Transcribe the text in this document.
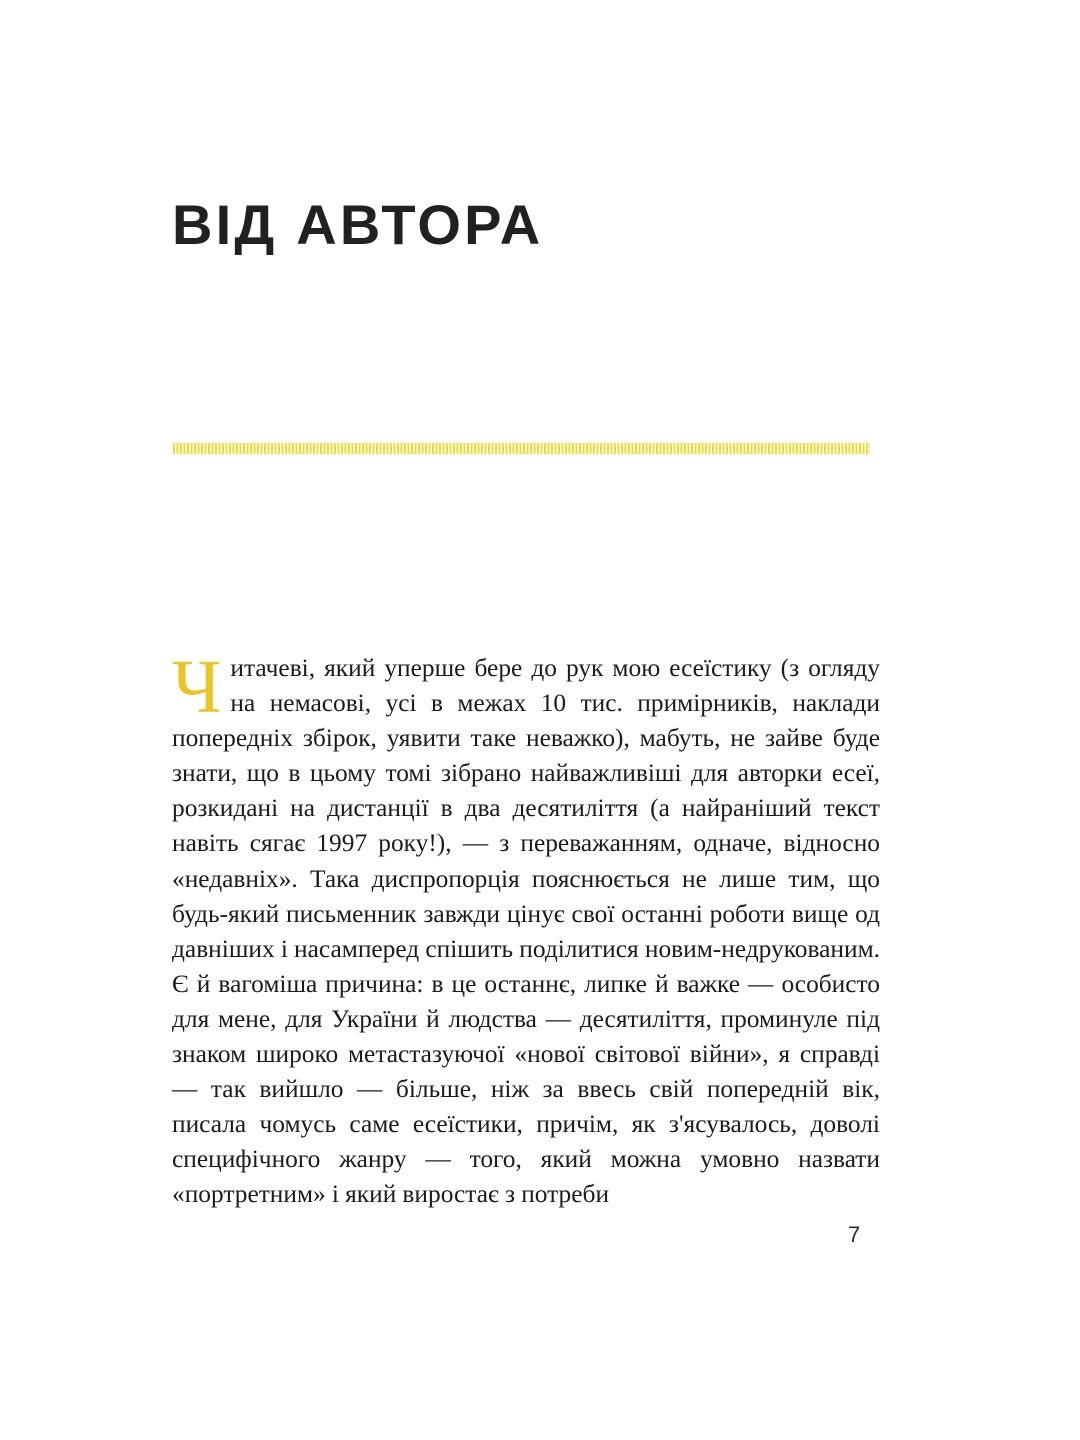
ВІД АВТОРА

Читачеві, який уперше бере до рук мою есеїстику (з огляду на немасові, усі в межах 10 тис. примірників, наклади попередніх збірок, уявити таке неважко), мабуть, не зайве буде знати, що в цьому томі зібрано найважливіші для авторки есеї, розкидані на дистанції в два десятиліття (а найраніший текст навіть сягає 1997 року!), — з переважанням, одначе, відносно «недавніх». Така диспропорція пояснюється не лише тим, що будь-який письменник завжди цінує свої останні роботи вище од давніших і насамперед спішить поділитися новим-недрукованим. Є й вагоміша причина: в це останнє, липке й важке — особисто для мене, для України й людства — десятиліття, проминуле під знаком широко метастазуючої «нової світової війни», я справді — так вийшло — більше, ніж за ввесь свій попередній вік, писала чомусь саме есеїстики, причім, як з'ясувалось, доволі специфічного жанру — того, який можна умовно назвати «портретним» і який виростає з потреби

7
